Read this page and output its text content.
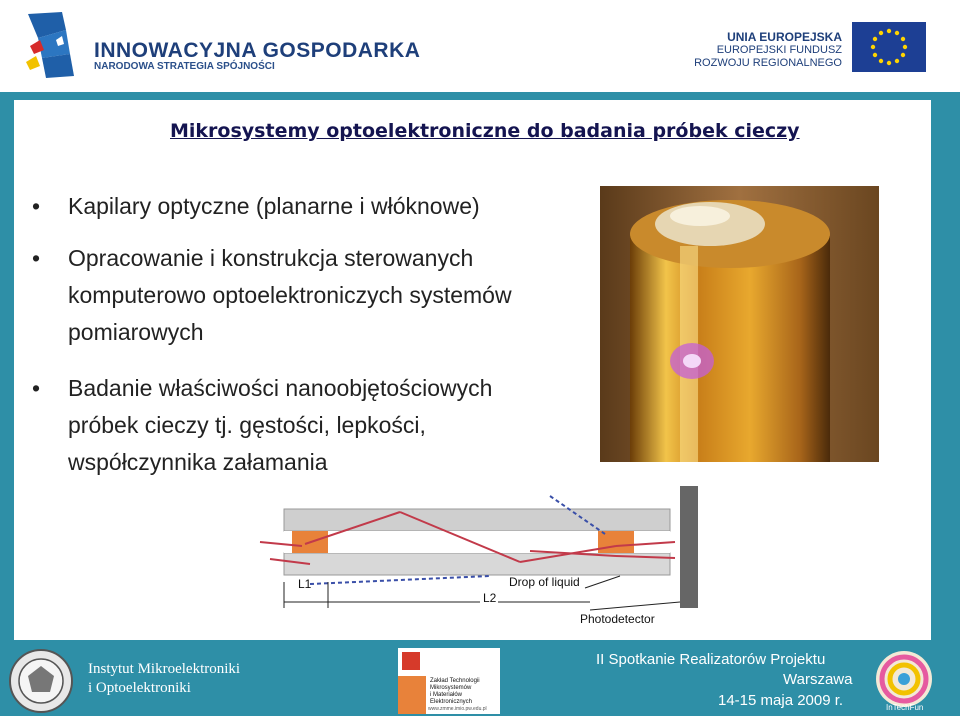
INNOWACYJNA GOSPODARKA
NARODOWA STRATEGIA SPÓJNOŚCI
UNIA EUROPEJSKA
EUROPEJSKI FUNDUSZ
ROZWOJU REGIONALNEGO
Mikrosystemy optoelektroniczne do badania próbek cieczy
• Kapilary optyczne (planarne i włóknowe)
• Opracowanie i konstrukcja sterowanych
komputerowo optoelektroniczych systemów
pomiarowych
• Badanie właściwości nanoobjętościowych
próbek cieczy tj. gęstości, lepkości,
współczynnika załamania
L1
L2
Drop of liquid
Photodetector
Instytut Mikroelektroniki
i Optoelektroniki	Zakład Technologii
Mikrosystemów
i Materiałów Elektronicznych
www.zmme.imio.pw.edu.pl
II Spotkanie Realizatorów Projektu
Warszawa
14-15 maja 2009 r.	InTechFun
